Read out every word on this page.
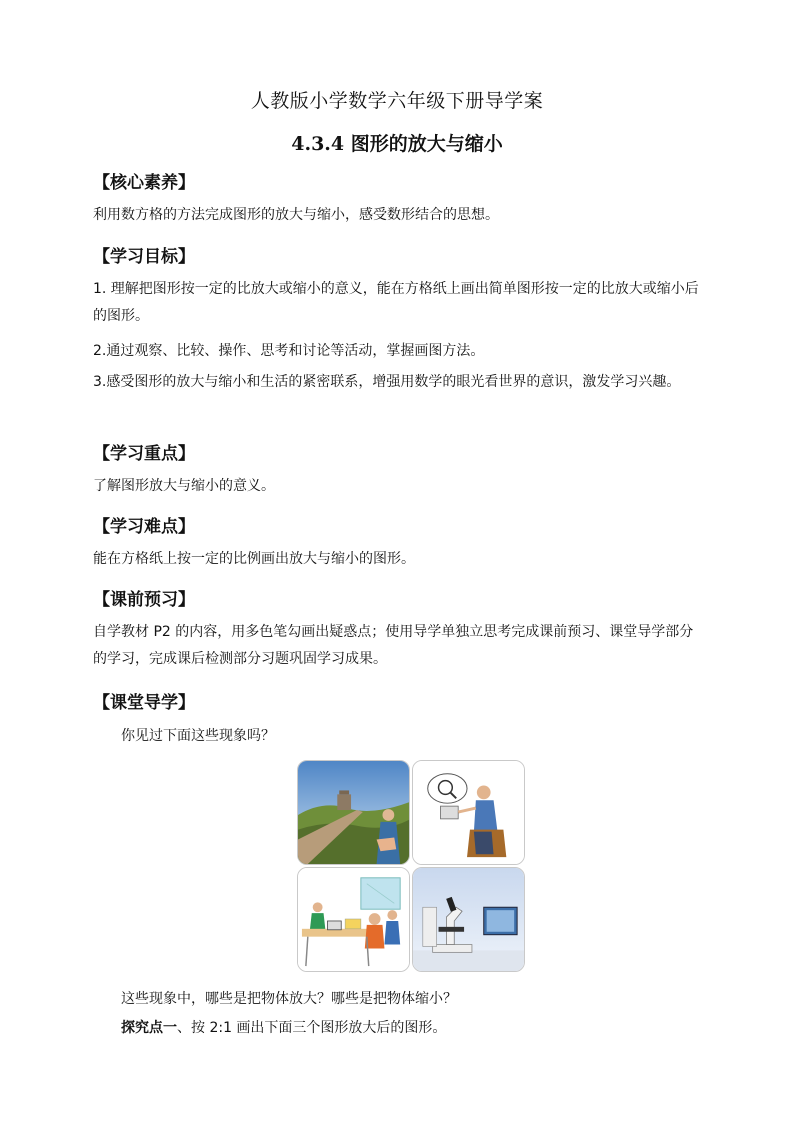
人教版小学数学六年级下册导学案
4.3.4 图形的放大与缩小
【核心素养】
利用数方格的方法完成图形的放大与缩小，感受数形结合的思想。
【学习目标】
1. 理解把图形按一定的比放大或缩小的意义，能在方格纸上画出简单图形按一定的比放大或缩小后的图形。
2.通过观察、比较、操作、思考和讨论等活动，掌握画图方法。
3.感受图形的放大与缩小和生活的紧密联系，增强用数学的眼光看世界的意识，激发学习兴趣。
【学习重点】
了解图形放大与缩小的意义。
【学习难点】
能在方格纸上按一定的比例画出放大与缩小的图形。
【课前预习】
自学教材 P2 的内容，用多色笔勾画出疑惑点；使用导学单独立思考完成课前预习、课堂导学部分的学习，完成课后检测部分习题巩固学习成果。
【课堂导学】
你见过下面这些现象吗？
这些现象中，哪些是把物体放大？哪些是把物体缩小？
探究点一、按 2:1 画出下面三个图形放大后的图形。
